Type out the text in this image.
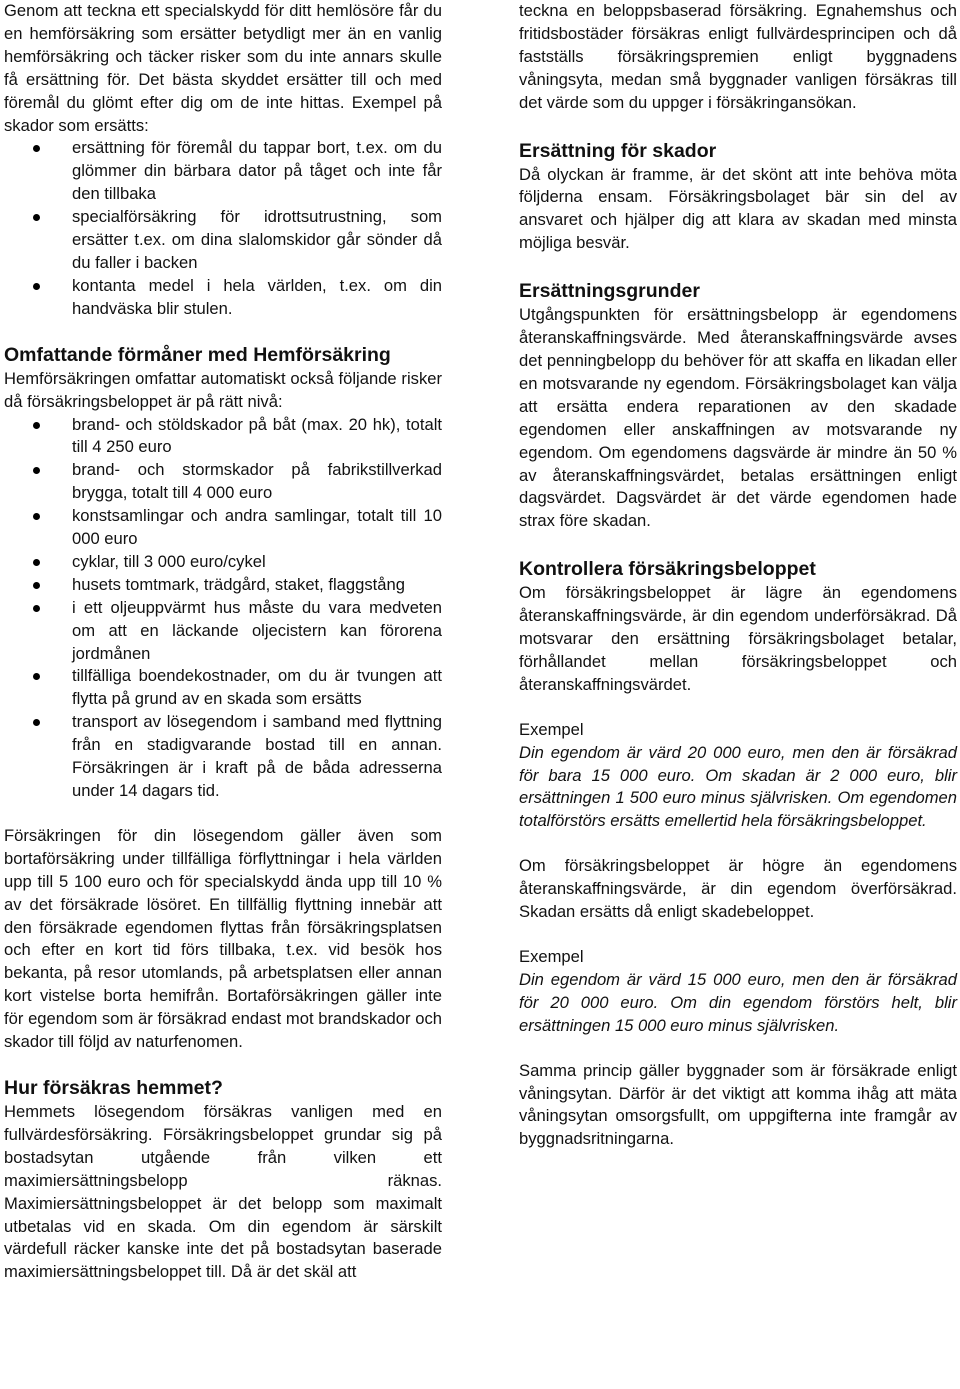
Genom att teckna ett specialskydd för ditt hemlösöre får du en hemförsäkring som ersätter betydligt mer än en vanlig hemförsäkring och täcker risker som du inte annars skulle få ersättning för. Det bästa skyddet ersätter till och med föremål du glömt efter dig om de inte hittas. Exempel på skador som ersätts:

ersättning för föremål du tappar bort, t.ex. om du glömmer din bärbara dator på tåget och inte får den tillbaka
specialförsäkring för idrottsutrustning, som ersätter t.ex. om dina slalomskidor går sönder då du faller i backen
kontanta medel i hela världen, t.ex. om din handväska blir stulen.
Omfattande förmåner med Hemförsäkring

Hemförsäkringen omfattar automatiskt också följande risker då försäkringsbeloppet är på rätt nivå:

brand- och stöldskador på båt (max. 20 hk), totalt till 4 250 euro
brand- och stormskador på fabrikstillverkad brygga, totalt till 4 000 euro
konstsamlingar och andra samlingar, totalt till 10 000 euro
cyklar, till 3 000 euro/cykel
husets tomtmark, trädgård, staket, flaggstång
i ett oljeuppvärmt hus måste du vara medveten om att en läckande oljecistern kan förorena jordmånen
tillfälliga boendekostnader, om du är tvungen att flytta på grund av en skada som ersätts
transport av lösegendom i samband med flyttning från en stadigvarande bostad till en annan. Försäkringen är i kraft på de båda adresserna under 14 dagars tid.

Försäkringen för din lösegendom gäller även som bortaförsäkring under tillfälliga förflyttningar i hela världen upp till 5 100 euro och för specialskydd ända upp till 10 % av det försäkrade lösöret. En tillfällig flyttning innebär att den försäkrade egendomen flyttas från försäkringsplatsen och efter en kort tid förs tillbaka, t.ex. vid besök hos bekanta, på resor utomlands, på arbetsplatsen eller annan kort vistelse borta hemifrån. Bortaförsäkringen gäller inte för egendom som är försäkrad endast mot brandskador och skador till följd av naturfenomen.

Hur försäkras hemmet?

Hemmets lösegendom försäkras vanligen med en fullvärdesförsäkring. Försäkringsbeloppet grundar sig på bostadsytan utgående från vilken ett maximiersättningsbelopp räknas. Maximiersättningsbeloppet är det belopp som maximalt utbetalas vid en skada. Om din egendom är särskilt värdefull räcker kanske inte det på bostadsytan baserade maximiersättningsbeloppet till. Då är det skäl att

teckna en beloppsbaserad försäkring. Egnahemshus och fritidsbostäder försäkras enligt fullvärdesprincipen och då fastställs försäkringspremien enligt byggnadens våningsyta, medan små byggnader vanligen försäkras till det värde som du uppger i försäkringansökan.

Ersättning för skador

Då olyckan är framme, är det skönt att inte behöva möta följderna ensam. Försäkringsbolaget bär sin del av ansvaret och hjälper dig att klara av skadan med minsta möjliga besvär.

Ersättningsgrunder

Utgångspunkten för ersättningsbelopp är egendomens återanskaffningsvärde. Med återanskaffningsvärde avses det penningbelopp du behöver för att skaffa en likadan eller en motsvarande ny egendom. Försäkringsbolaget kan välja att ersätta endera reparationen av den skadade egendomen eller anskaffningen av motsvarande ny egendom. Om egendomens dagsvärde är mindre än 50 % av återanskaffningsvärdet, betalas ersättningen enligt dagsvärdet. Dagsvärdet är det värde egendomen hade strax före skadan.

Kontrollera försäkringsbeloppet

Om försäkringsbeloppet är lägre än egendomens återanskaffningsvärde, är din egendom underförsäkrad. Då motsvarar den ersättning försäkringsbolaget betalar, förhållandet mellan försäkringsbeloppet och återanskaffningsvärdet.

Exempel

Din egendom är värd 20 000 euro, men den är försäkrad för bara 15 000 euro. Om skadan är 2 000 euro, blir ersättningen 1 500 euro minus självrisken. Om egendomen totalförstörs ersätts emellertid hela försäkringsbeloppet.

Om försäkringsbeloppet är högre än egendomens återanskaffningsvärde, är din egendom överförsäkrad. Skadan ersätts då enligt skadebeloppet.

Exempel

Din egendom är värd 15 000 euro, men den är försäkrad för 20 000 euro. Om din egendom förstörs helt, blir ersättningen 15 000 euro minus självrisken.

Samma princip gäller byggnader som är försäkrade enligt våningsytan. Därför är det viktigt att komma ihåg att mäta våningsytan omsorgsfullt, om uppgifterna inte framgår av byggnadsritningarna.
